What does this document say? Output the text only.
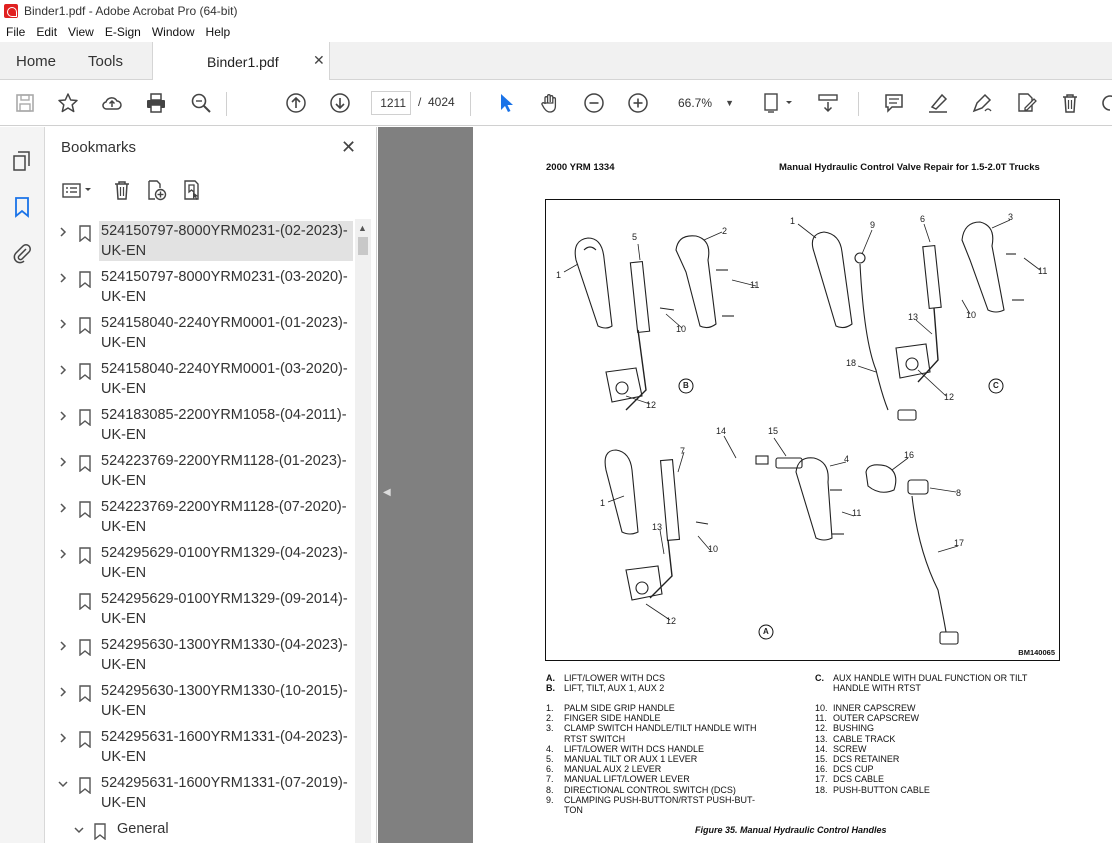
Binder1.pdf - Adobe Acrobat Pro (64-bit)
File Edit View E-Sign Window Help
Home Tools	Binder1.pdf ✕
1211	/ 4024	66.7% ▼
Bookmarks	✕
524150797-8000YRM0231-(02-2023)-UK-EN
524150797-8000YRM0231-(03-2020)-UK-EN
524158040-2240YRM0001-(01-2023)-UK-EN
524158040-2240YRM0001-(03-2020)-UK-EN
524183085-2200YRM1058-(04-2011)-UK-EN
524223769-2200YRM1128-(01-2023)-UK-EN
524223769-2200YRM1128-(07-2020)-UK-EN
524295629-0100YRM1329-(04-2023)-UK-EN
524295629-0100YRM1329-(09-2014)-UK-EN
524295630-1300YRM1330-(04-2023)-UK-EN
524295630-1300YRM1330-(10-2015)-UK-EN
524295631-1600YRM1331-(04-2023)-UK-EN
524295631-1600YRM1331-(07-2019)-UK-EN
General
▲
◀
2000 YRM 1334	Manual Hydraulic Control Valve Repair for 1.5-2.0T Trucks
1
5
2
11
10
12
B
1	9
6	3
11
10
13
18
12
C
14	15
7
4	16
8
1
11
13
10
17
12
A
BM140065
A.	LIFT/LOWER WITH DCS
B.	LIFT, TILT, AUX 1, AUX 2
C.	AUX HANDLE WITH DUAL FUNCTION OR TILT
HANDLE WITH RTST
1.	PALM SIDE GRIP HANDLE
2.	FINGER SIDE HANDLE
3.	CLAMP SWITCH HANDLE/TILT HANDLE WITH
RTST SWITCH
4.	LIFT/LOWER WITH DCS HANDLE
5.	MANUAL TILT OR AUX 1 LEVER
6.	MANUAL AUX 2 LEVER
7.	MANUAL LIFT/LOWER LEVER
8.	DIRECTIONAL CONTROL SWITCH (DCS)
9.	CLAMPING PUSH-BUTTON/RTST PUSH-BUT-
TON
10. INNER CAPSCREW
11. OUTER CAPSCREW
12. BUSHING
13. CABLE TRACK
14. SCREW
15. DCS RETAINER
16. DCS CUP
17. DCS CABLE
18. PUSH-BUTTON CABLE
Figure 35. Manual Hydraulic Control Handles
